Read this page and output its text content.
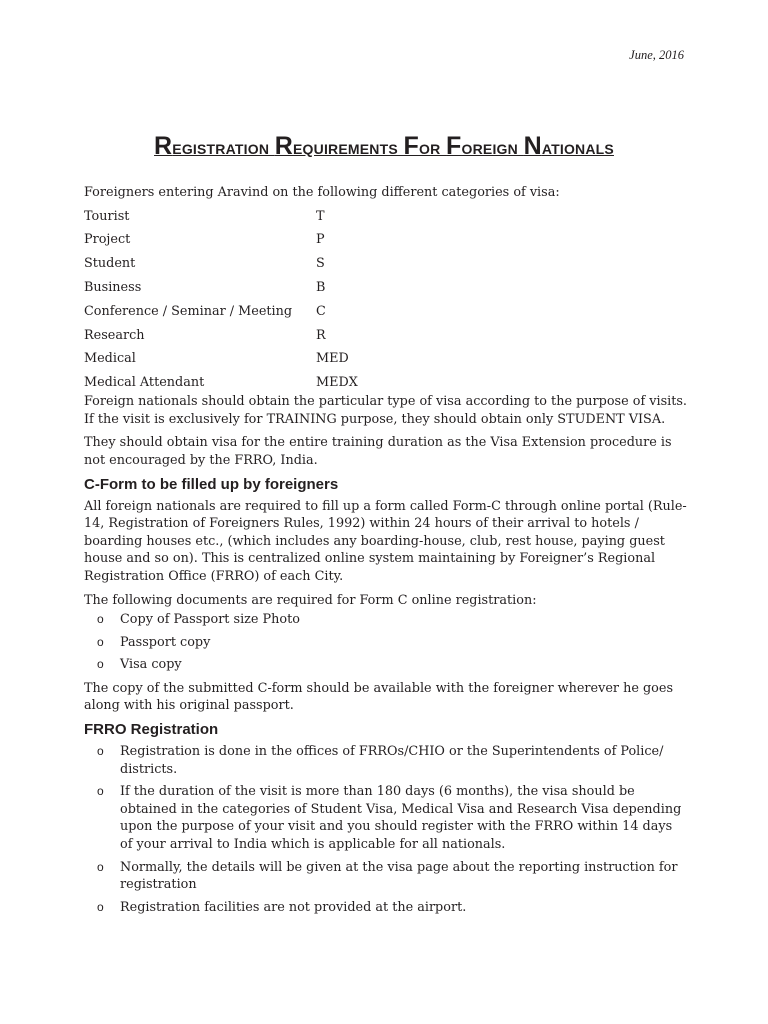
June, 2016
Registration Requirements For Foreign Nationals

Foreigners entering Aravind on the following different categories of visa:

Tourist	T
Project	P
Student	S
Business	B
Conference / Seminar / Meeting	C
Research	R
Medical	MED
Medical Attendant	MEDX

Foreign nationals should obtain the particular type of visa according to the purpose of visits. If the visit is exclusively for TRAINING purpose, they should obtain only STUDENT VISA.

They should obtain visa for the entire training duration as the Visa Extension procedure is not encouraged by the FRRO, India.

C-Form to be filled up by foreigners

All foreign nationals are required to fill up a form called Form-C through online portal (Rule-14, Registration of Foreigners Rules, 1992) within 24 hours of their arrival to hotels / boarding houses etc., (which includes any boarding-house, club, rest house, paying guest house and so on). This is centralized online system maintaining by Foreigner’s Regional Registration Office (FRRO) of each City.

The following documents are required for Form C online registration:

o Copy of Passport size Photo
o Passport copy
o Visa copy

The copy of the submitted C-form should be available with the foreigner wherever he goes along with his original passport.

FRRO Registration
o Registration is done in the offices of FRROs/CHIO or the Superintendents of Police/ districts.
o If the duration of the visit is more than 180 days (6 months), the visa should be obtained in the categories of Student Visa, Medical Visa and Research Visa depending upon the purpose of your visit and you should register with the FRRO within 14 days of your arrival to India which is applicable for all nationals.
o Normally, the details will be given at the visa page about the reporting instruction for registration
o Registration facilities are not provided at the airport.
